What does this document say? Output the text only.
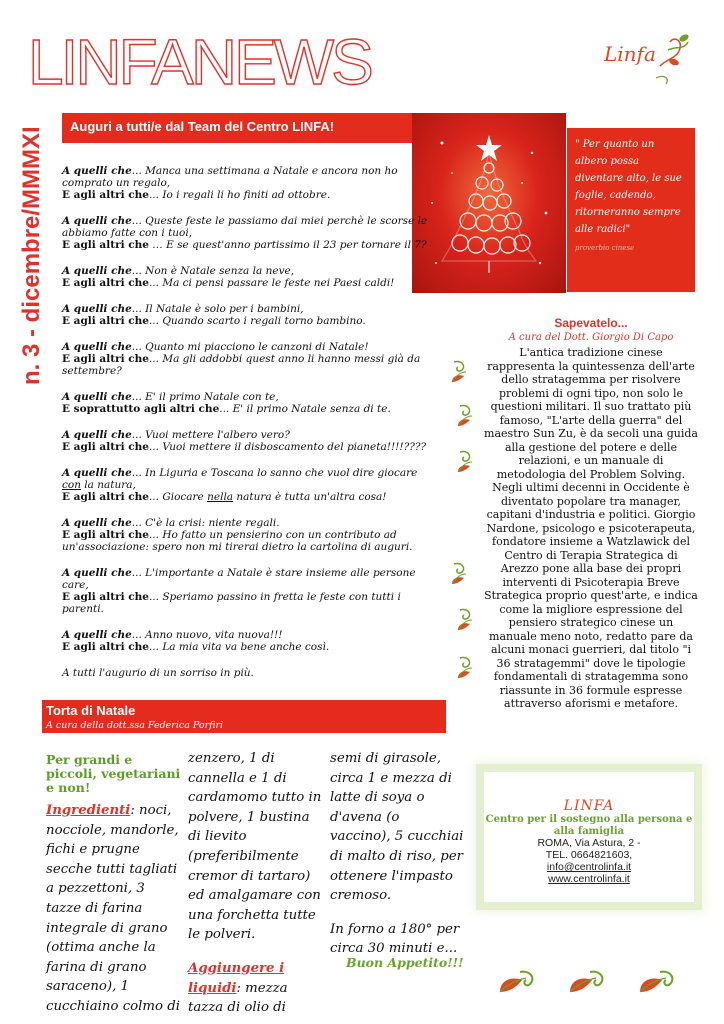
LINFANEWS	Linfa
n. 3 - dicembre/MMMXI	Auguri a tutti/e dal Team del Centro LINFA!
" Per quanto un albero possa diventare alto, le sue foglie, cadendo, ritorneranno sempre alle radici"
proverbio cinese
A quelli che... Manca una settimana a Natale e ancora non ho comprato un regalo,
E agli altri che... Io i regali li ho finiti ad ottobre.
A quelli che... Queste feste le passiamo dai miei perchè le scorse le abbiamo fatte con i tuoi,
E agli altri che … E se quest'anno partissimo il 23 per tornare il 7?
A quelli che... Non è Natale senza la neve,
E agli altri che... Ma ci pensi passare le feste nei Paesi caldi!
A quelli che... Il Natale è solo per i bambini,
E agli altri che... Quando scarto i regali torno bambino.
A quelli che... Quanto mi piacciono le canzoni di Natale!
E agli altri che... Ma gli addobbi quest anno li hanno messi già da settembre?
A quelli che... E' il primo Natale con te,
E soprattutto agli altri che... E' il primo Natale senza di te.
A quelli che... Vuoi mettere l'albero vero?
E agli altri che... Vuoi mettere il disboscamento del pianeta!!!!????
A quelli che... In Liguria e Toscana lo sanno che vuol dire giocare con la natura,
E agli altri che... Giocare nella natura è tutta un'altra cosa!
A quelli che... C'è la crisi: niente regali.
E agli altri che... Ho fatto un pensierino con un contributo ad un'associazione: spero non mi tirerai dietro la cartolina di auguri.
A quelli che... L'importante a Natale è stare insieme alle persone care,
E agli altri che... Speriamo passino in fretta le feste con tutti i parenti.
A quelli che... Anno nuovo, vita nuova!!!
E agli altri che... La mia vita va bene anche così.
A tutti l'augurio di un sorriso in più.
Sapevatelo...
A cura del Dott. Giorgio Di Capo
L'antica tradizione cinese rappresenta la quintessenza dell'arte dello stratagemma per risolvere problemi di ogni tipo, non solo le questioni militari. Il suo trattato più famoso, "L'arte della guerra" del maestro Sun Zu, è da secoli una guida alla gestione del potere e delle relazioni, e un manuale di metodologia del Problem Solving. Negli ultimi decenni in Occidente è diventato popolare tra manager, capitani d'industria e politici. Giorgio Nardone, psicologo e psicoterapeuta, fondatore insieme a Watzlawick del Centro di Terapia Strategica di Arezzo pone alla base dei propri interventi di Psicoterapia Breve Strategica proprio quest'arte, e indica come la migliore espressione del pensiero strategico cinese un manuale meno noto, redatto pare da alcuni monaci guerrieri, dal titolo "i 36 stratagemmi" dove le tipologie fondamentali di stratagemma sono riassunte in 36 formule espresse attraverso aforismi e metafore.
Torta di Natale
A cura della dott.ssa Federica Porfiri
Per grandi e piccoli, vegetariani e non!
Ingredienti: noci, nocciole, mandorle, fichi e prugne secche tutti tagliati a pezzettoni, 3 tazze di farina integrale di grano (ottima anche la farina di grano saraceno), 1 cucchiaino colmo di
zenzero, 1 di cannella e 1 di cardamomo tutto in polvere, 1 bustina di lievito (preferibilmente cremor di tartaro) ed amalgamare con una forchetta tutte le polveri.
Aggiungere i liquidi: mezza tazza di olio di
semi di girasole, circa 1 e mezza di latte di soya o d'avena (o vaccino), 5 cucchiai di malto di riso, per ottenere l'impasto cremoso.
In forno a 180° per circa 30 minuti e...
Buon Appetito!!!
LINFA
Centro per il sostegno alla persona e alla famiglia
ROMA, Via Astura, 2 -
TEL. 0664821603,
info@centrolinfa.it
www.centrolinfa.it
